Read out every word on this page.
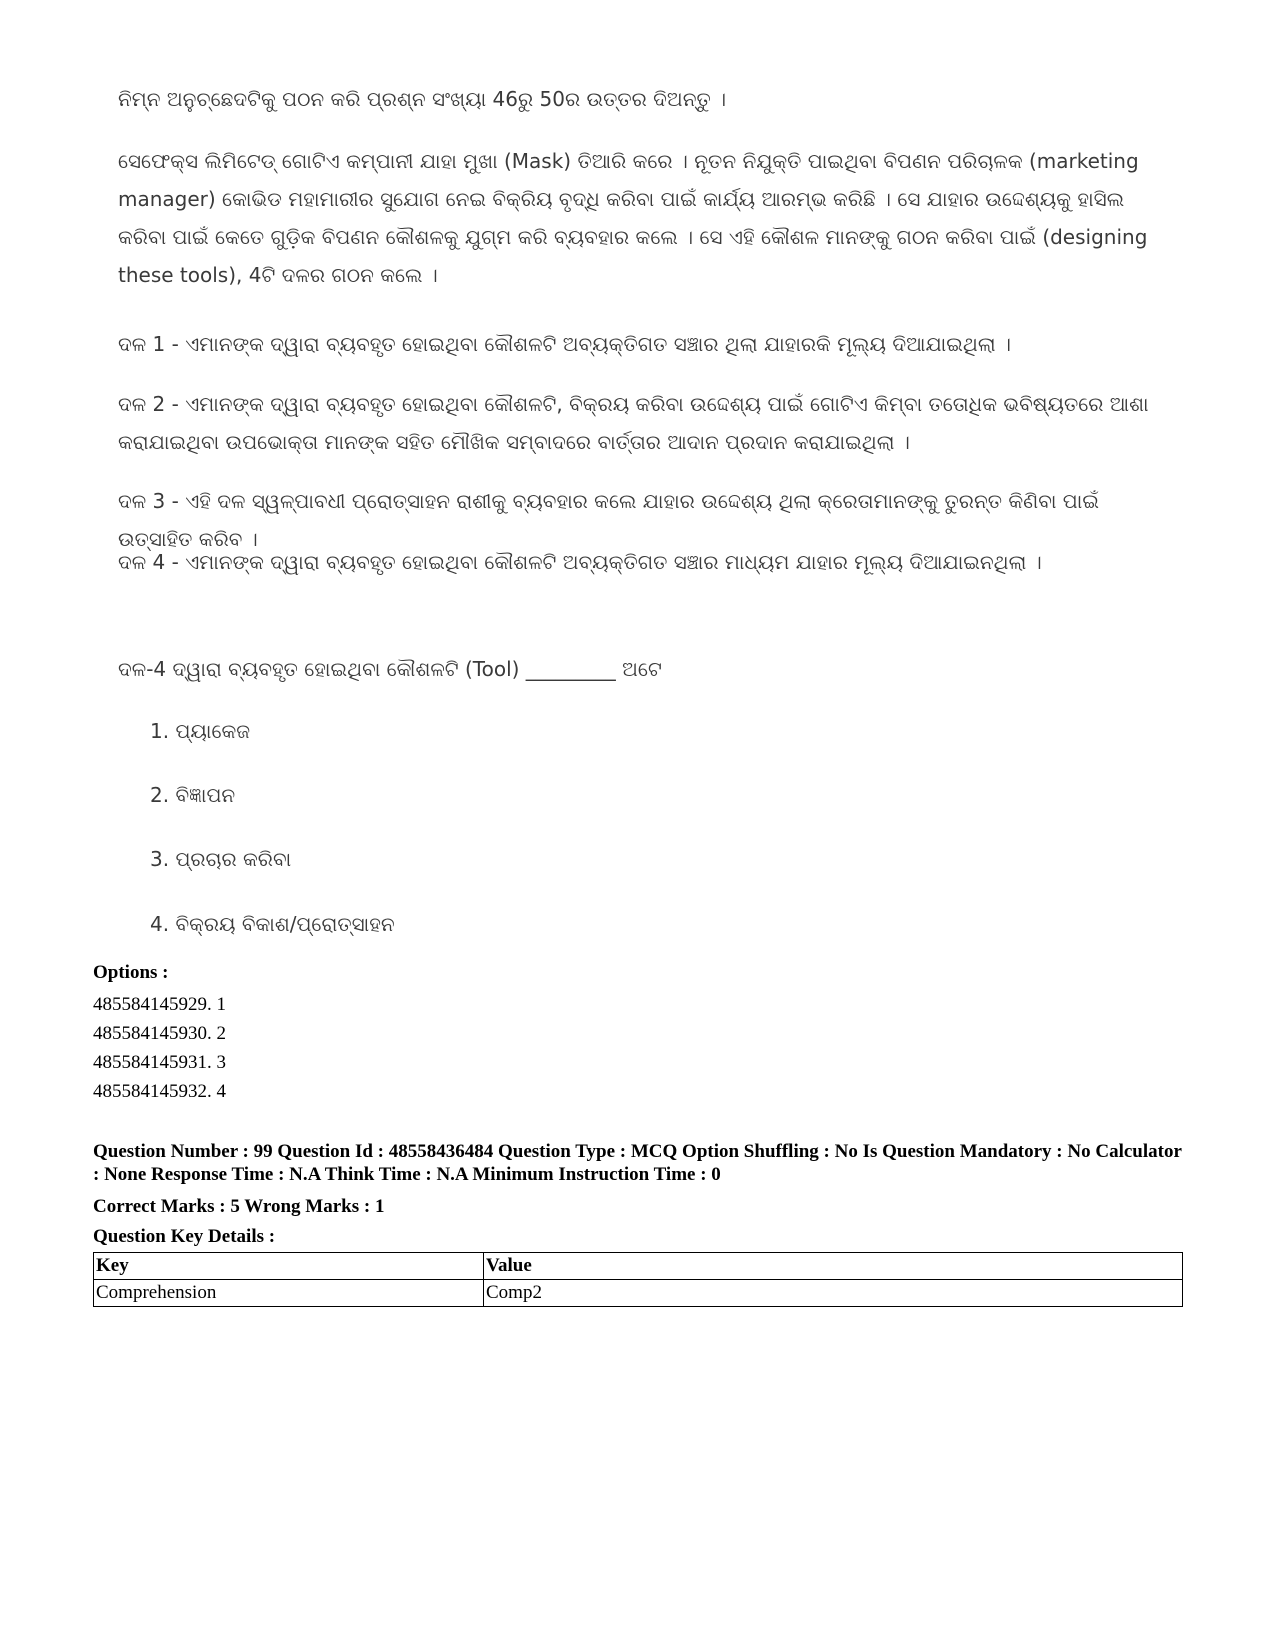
ନିମ୍ନ ଅନୁଚ୍ଛେଦଟିକୁ ପଠନ କରି ପ୍ରଶ୍ନ ସଂଖ୍ୟା 46ରୁ 50ର ଉତ୍ତର ଦିଅନ୍ତୁ ।

ସେଫେକ୍ସ ଲିମିଟେଡ୍ ଗୋଟିଏ କମ୍ପାନୀ ଯାହା ମୁଖା (Mask) ତିଆରି କରେ । ନୂତନ ନିଯୁକ୍ତି ପାଇଥିବା ବିପଣନ ପରିଚାଳକ (marketing manager) କୋଭିଡ ମହାମାରୀର ସୁଯୋଗ ନେଇ ବିକ୍ରିୟ ବୃଦ୍ଧି କରିବା ପାଇଁ କାର୍ଯ୍ୟ ଆରମ୍ଭ କରିଛି । ସେ ଯାହାର ଉଦ୍ଦେଶ୍ୟକୁ ହାସିଲ କରିବା ପାଇଁ କେତେ ଗୁଡ଼ିକ ବିପଣନ କୌଶଳକୁ ଯୁଗ୍ମ କରି ବ୍ୟବହାର କଲେ । ସେ ଏହି କୌଶଳ ମାନଙ୍କୁ ଗଠନ କରିବା ପାଇଁ (designing these tools), 4ଟି ଦଳର ଗଠନ କଲେ ।

ଦଳ 1 - ଏମାନଙ୍କ ଦ୍ୱାରା ବ୍ୟବହୃତ ହୋଇଥିବା କୌଶଳଟି ଅବ୍ୟକ୍ତିଗତ ସଞ୍ଚାର ଥିଲା ଯାହାରକି ମୂଲ୍ୟ ଦିଆଯାଇଥିଲା ।

ଦଳ 2 - ଏମାନଙ୍କ ଦ୍ୱାରା ବ୍ୟବହୃତ ହୋଇଥିବା କୌଶଳଟି, ବିକ୍ରୟ କରିବା ଉଦ୍ଦେଶ୍ୟ ପାଇଁ ଗୋଟିଏ କିମ୍ବା ତତୋଧିକ ଭବିଷ୍ୟତରେ ଆଶା କରାଯାଇଥିବା ଉପଭୋକ୍ତା ମାନଙ୍କ ସହିତ ମୌଖିକ ସମ୍ବାଦରେ ବାର୍ତ୍ତାର ଆଦାନ ପ୍ରଦାନ କରାଯାଇଥିଲା ।

ଦଳ 3 - ଏହି ଦଳ ସ୍ୱଳ୍ପାବଧୀ ପ୍ରୋତ୍ସାହନ ରାଶୀକୁ ବ୍ୟବହାର କଲେ ଯାହାର ଉଦ୍ଦେଶ୍ୟ ଥିଲା କ୍ରେତାମାନଙ୍କୁ ତୁରନ୍ତ କିଣିବା ପାଇଁ ଉତ୍ସାହିତ କରିବ ।

ଦଳ 4 - ଏମାନଙ୍କ ଦ୍ୱାରା ବ୍ୟବହୃତ ହୋଇଥିବା କୌଶଳଟି ଅବ୍ୟକ୍ତିଗତ ସଞ୍ଚାର ମାଧ୍ୟମ ଯାହାର ମୂଲ୍ୟ ଦିଆଯାଇନଥିଲା ।

ଦଳ-4 ଦ୍ୱାରା ବ୍ୟବହୃତ ହୋଇଥିବା କୌଶଳଟି (Tool) _________ ଅଟେ

1. ପ୍ୟାକେଜ

2. ବିଜ୍ଞାପନ

3. ପ୍ରଚାର କରିବା

4. ବିକ୍ରୟ ବିକାଶ/ପ୍ରୋତ୍ସାହନ

Options :
485584145929. 1
485584145930. 2
485584145931. 3
485584145932. 4
Question Number : 99 Question Id : 48558436484 Question Type : MCQ Option Shuffling : No Is Question Mandatory : No Calculator : None Response Time : N.A Think Time : N.A Minimum Instruction Time : 0
Correct Marks : 5 Wrong Marks : 1
Question Key Details :
Key	Value
Comprehension	Comp2
